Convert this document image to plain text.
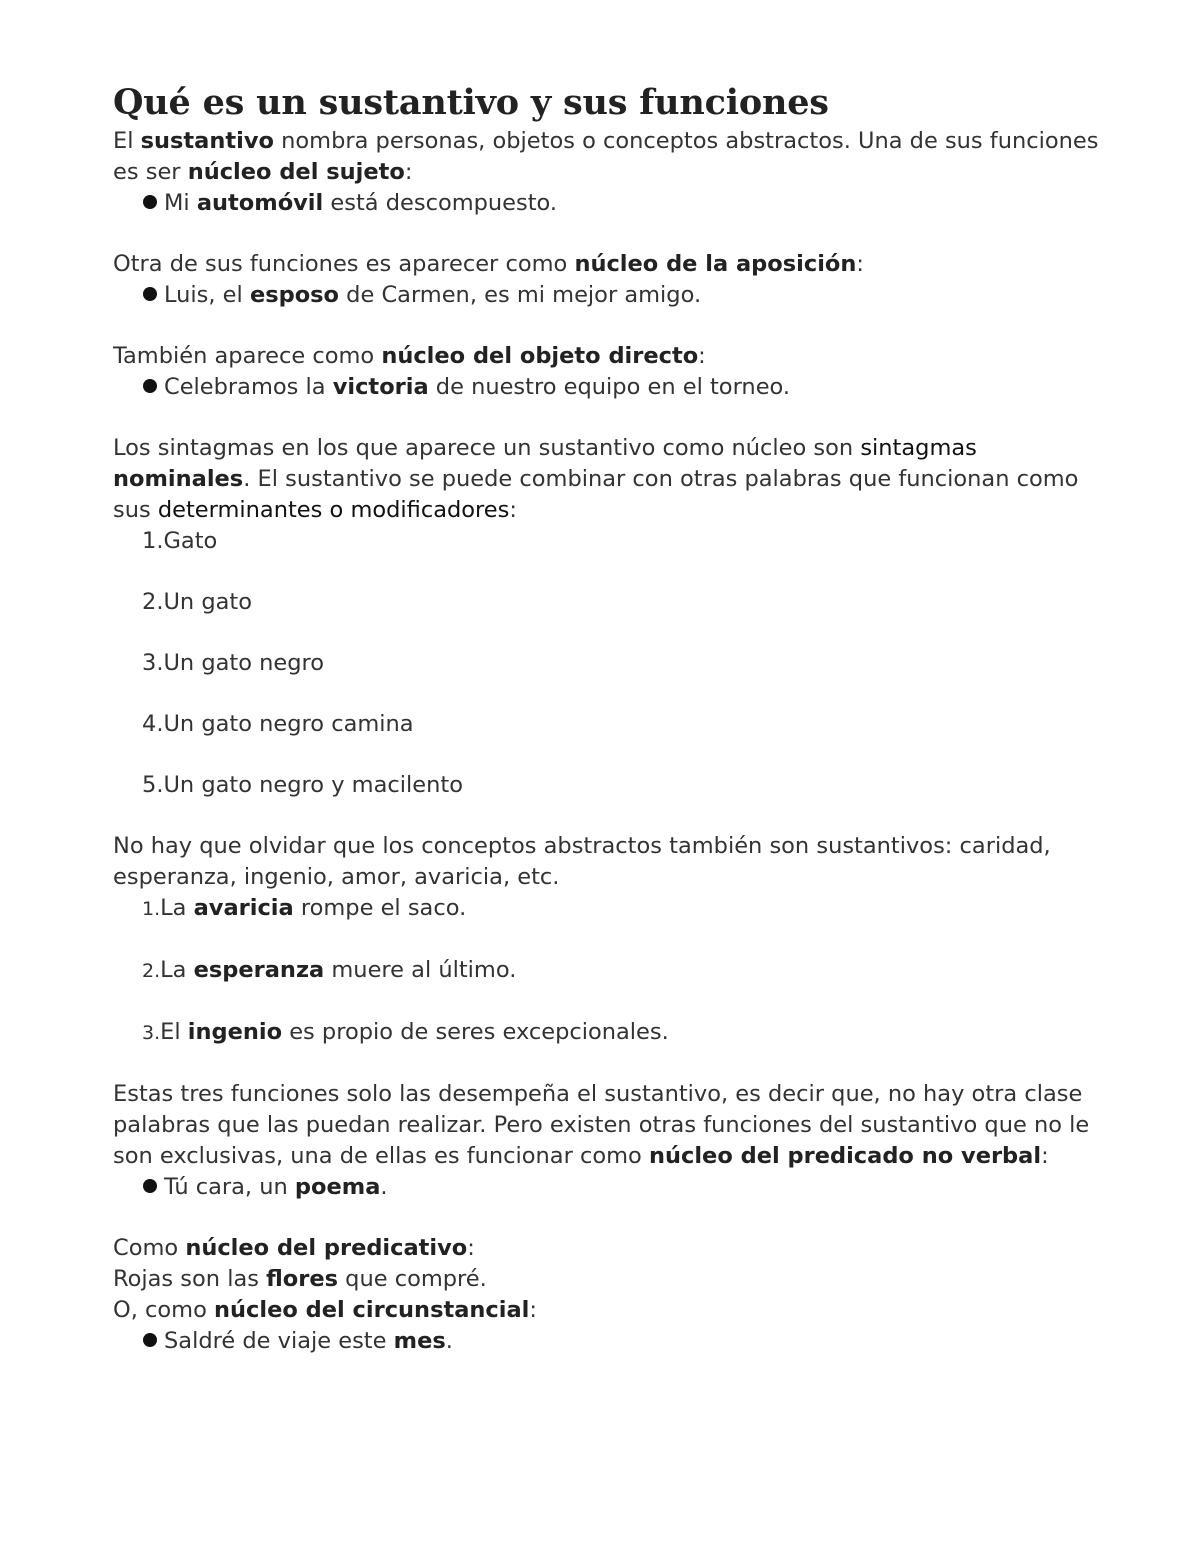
Qué es un sustantivo y sus funciones

El sustantivo nombra personas, objetos o conceptos abstractos. Una de sus funciones es ser núcleo del sujeto:

Mi automóvil está descompuesto.

Otra de sus funciones es aparecer como núcleo de la aposición:

Luis, el esposo de Carmen, es mi mejor amigo.

También aparece como núcleo del objeto directo:

Celebramos la victoria de nuestro equipo en el torneo.

Los sintagmas en los que aparece un sustantivo como núcleo son sintagmas
nominales. El sustantivo se puede combinar con otras palabras que funcionan como sus determinantes o modificadores:

1.Gato

2.Un gato

3.Un gato negro

4.Un gato negro camina

5.Un gato negro y macilento

No hay que olvidar que los conceptos abstractos también son sustantivos: caridad, esperanza, ingenio, amor, avaricia, etc.

1.La avaricia rompe el saco.

2.La esperanza muere al último.

3.El ingenio es propio de seres excepcionales.

Estas tres funciones solo las desempeña el sustantivo, es decir que, no hay otra clase palabras que las puedan realizar. Pero existen otras funciones del sustantivo que no le son exclusivas, una de ellas es funcionar como núcleo del predicado no verbal:

Tú cara, un poema.

Como núcleo del predicativo:

Rojas son las flores que compré.

O, como núcleo del circunstancial:

Saldré de viaje este mes.
